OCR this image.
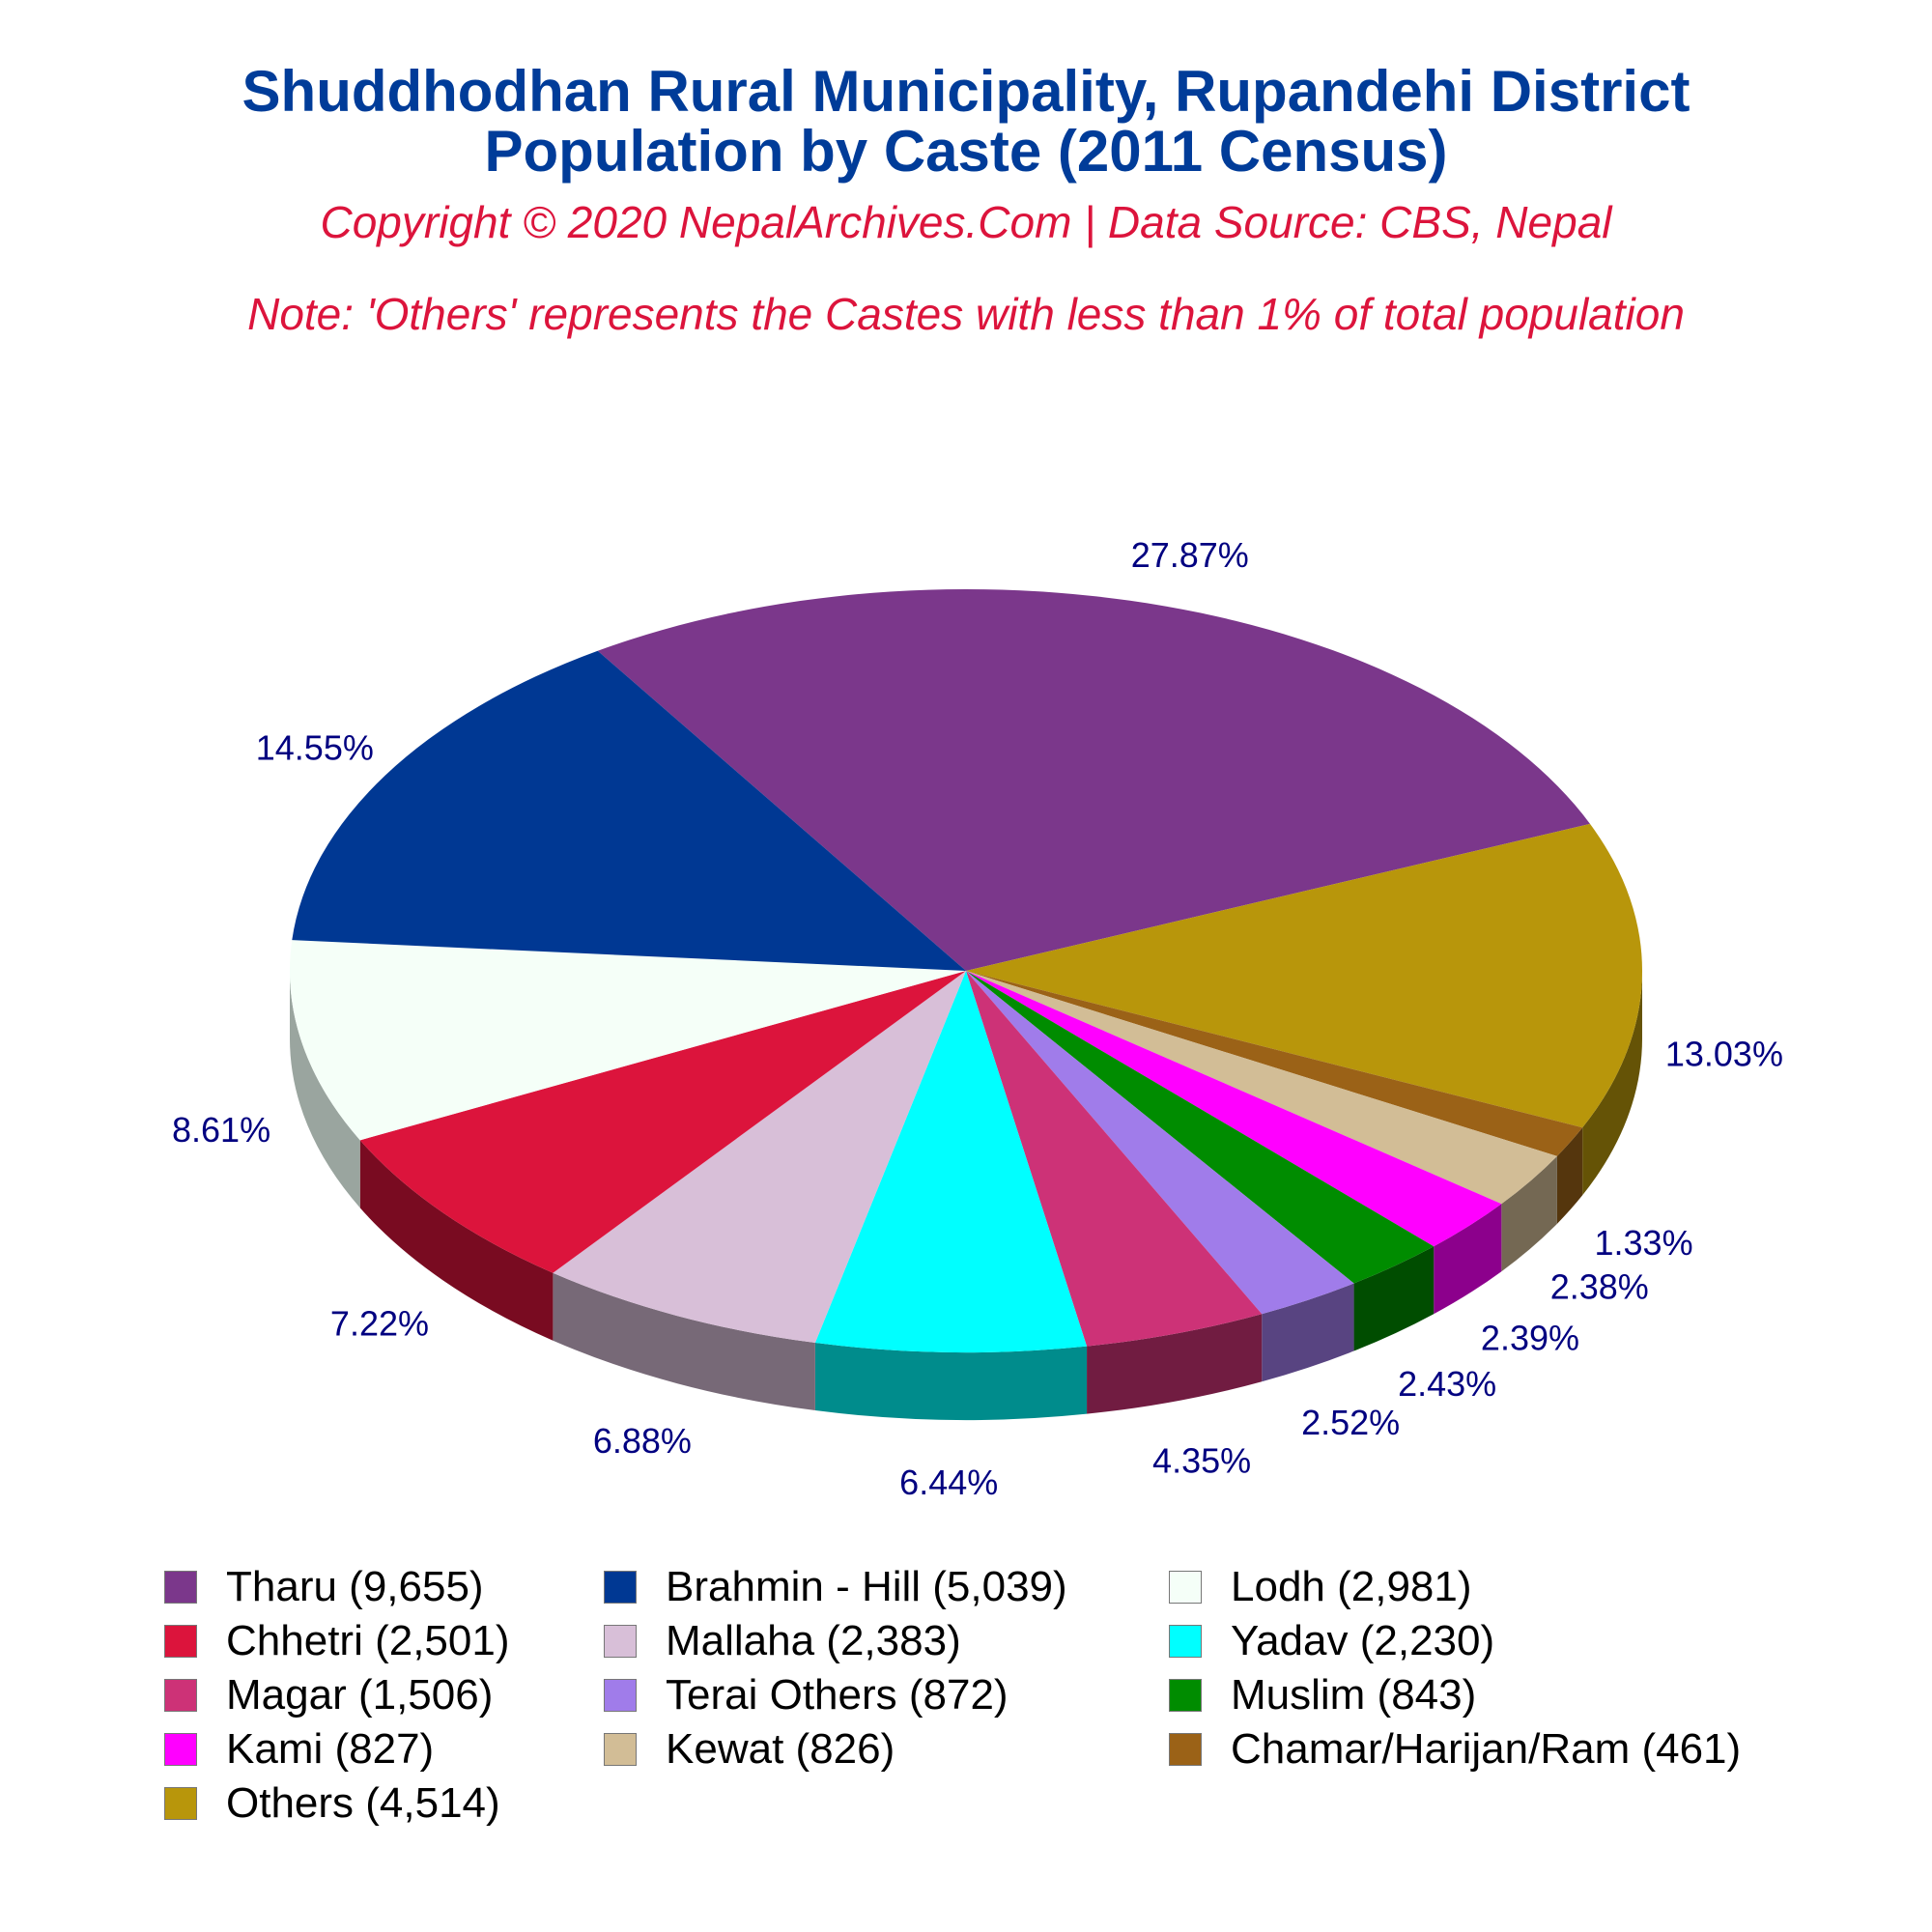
Shuddhodhan Rural Municipality, Rupandehi District
Population by Caste (2011 Census)
Copyright © 2020 NepalArchives.Com | Data Source: CBS, Nepal
Note: 'Others' represents the Castes with less than 1% of total population
27.87%
13.03%
1.33%
2.38%
2.39%
2.43%
2.52%
4.35%
6.44%
6.88%
7.22%
8.61%
14.55%
Tharu (9,655)	Brahmin - Hill (5,039)	Lodh (2,981)
Chhetri (2,501)	Mallaha (2,383)	Yadav (2,230)
Magar (1,506)	Terai Others (872)	Muslim (843)
Kami (827)	Kewat (826)	Chamar/Harijan/Ram (461)
Others (4,514)
